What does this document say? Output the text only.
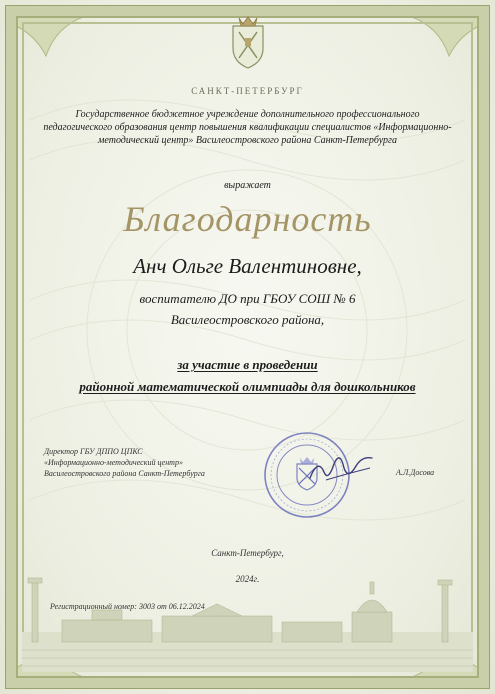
САНКТ-ПЕТЕРБУРГ

Государственное бюджетное учреждение дополнительного профессионального педагогического образования центр повышения квалификации специалистов «Информационно-методический центр» Василеостровского района Санкт-Петербурга

выражает

Благодарность

Анч Ольге Валентиновне,

воспитателю ДО при ГБОУ СОШ № 6
Василеостровского района,
за участие в проведении
районной математической олимпиады для дошкольников
Директор ГБУ ДППО ЦПКС
«Информационно-методический центр»
Василеостровского района Санкт-Петербурга	А.Л.Досова

Санкт-Петербург,

2024г.

Регистрационный номер: 3003 от 06.12.2024
